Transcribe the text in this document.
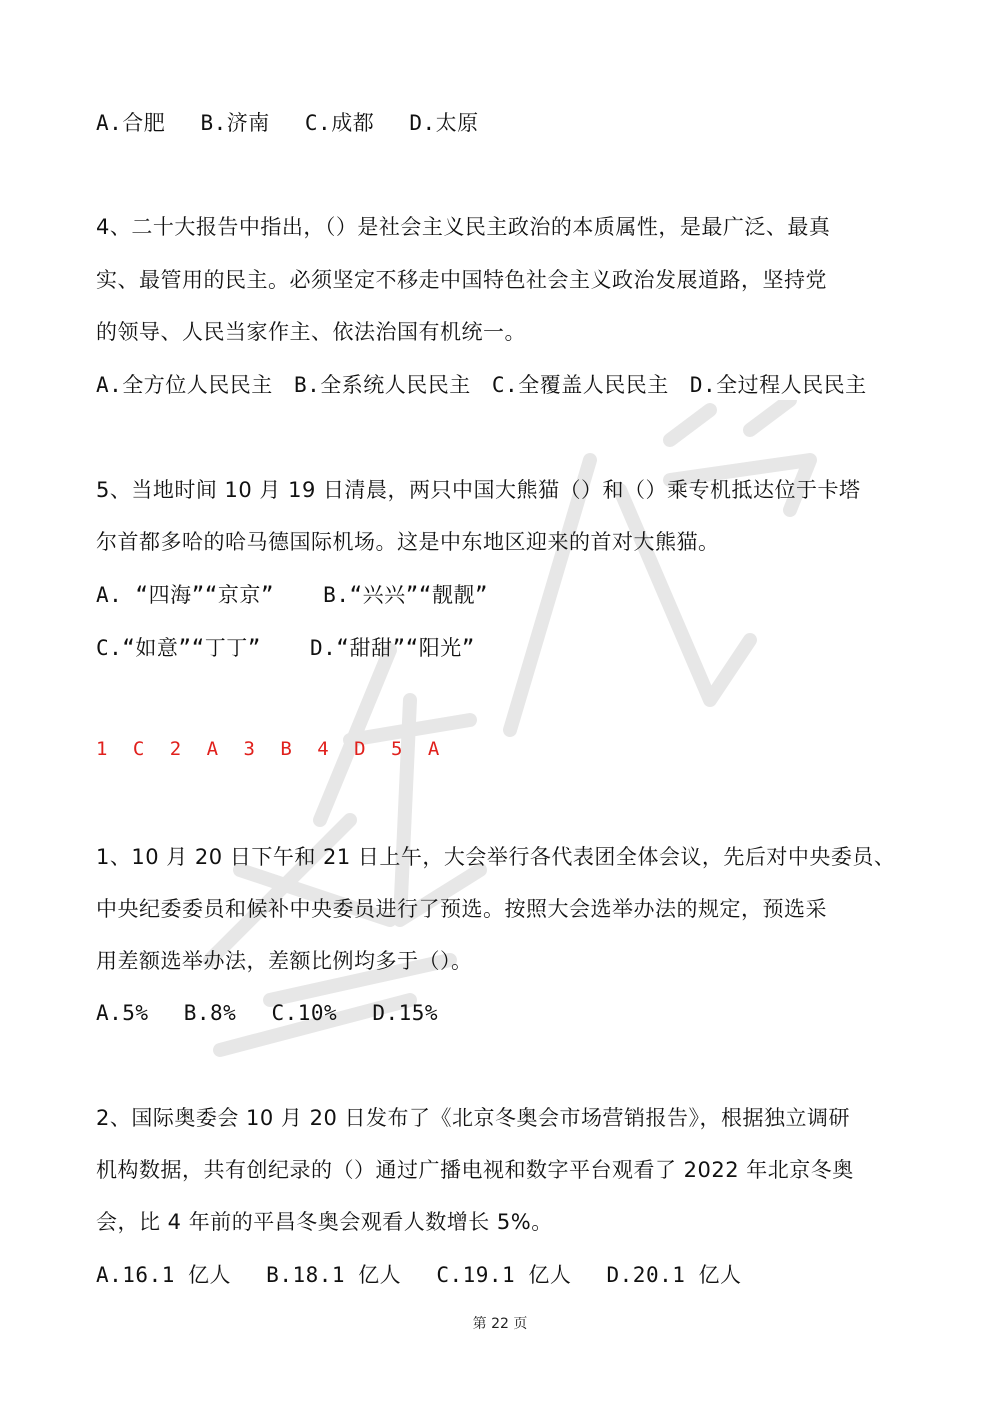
A.合肥 B.济南 C.成都 D.太原

4、二十大报告中指出，（）是社会主义民主政治的本质属性，是最广泛、最真

实、最管用的民主。必须坚定不移走中国特色社会主义政治发展道路，坚持党

的领导、人民当家作主、依法治国有机统一。

A.全方位人民民主 B.全系统人民民主 C.全覆盖人民民主 D.全过程人民民主

5、当地时间 10 月 19 日清晨，两只中国大熊猫（）和（）乘专机抵达位于卡塔

尔首都多哈的哈马德国际机场。这是中东地区迎来的首对大熊猫。

A. “四海”“京京” B.“兴兴”“靓靓”

C.“如意”“丁丁” D.“甜甜”“阳光”

1 C 2 A 3 B 4 D 5 A

1、10 月 20 日下午和 21 日上午，大会举行各代表团全体会议，先后对中央委员、

中央纪委委员和候补中央委员进行了预选。按照大会选举办法的规定，预选采

用差额选举办法，差额比例均多于（）。

A.5% B.8% C.10% D.15%

2、国际奥委会 10 月 20 日发布了《北京冬奥会市场营销报告》，根据独立调研

机构数据，共有创纪录的（）通过广播电视和数字平台观看了 2022 年北京冬奥

会，比 4 年前的平昌冬奥会观看人数增长 5%。

A.16.1 亿人 B.18.1 亿人 C.19.1 亿人 D.20.1 亿人

第 22 页
